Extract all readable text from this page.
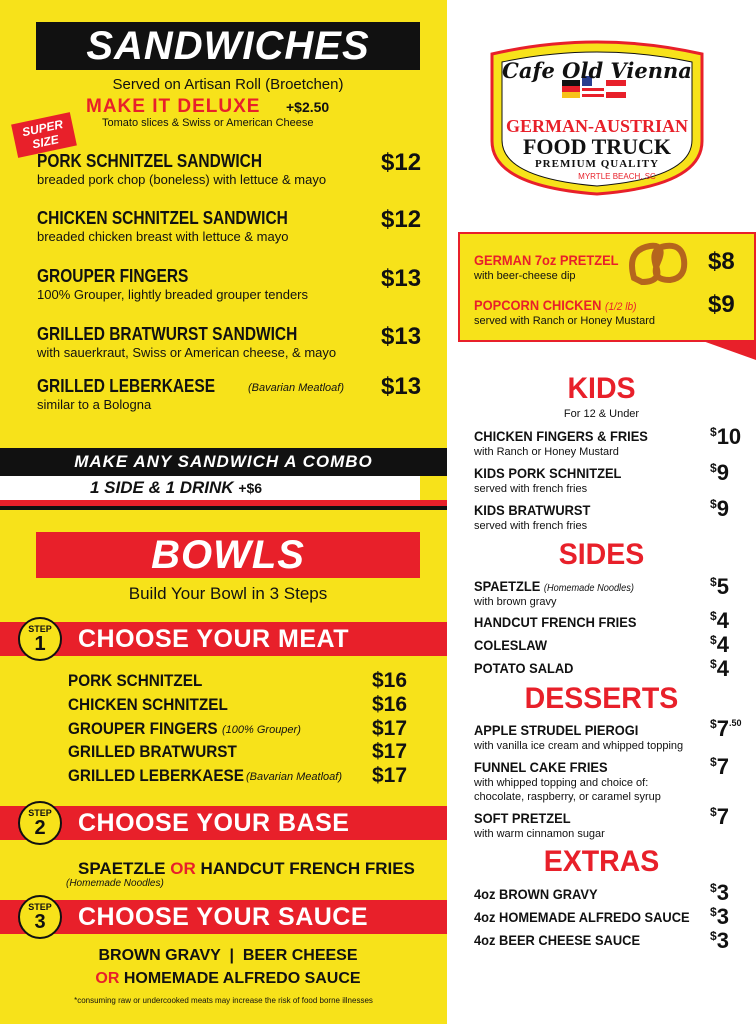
SANDWICHES
Served on Artisan Roll (Broetchen)
MAKE IT DELUXE +$2.50
Tomato slices & Swiss or American Cheese
SUPER SIZE
PORK SCHNITZEL SANDWICH
breaded pork chop (boneless) with lettuce & mayo
$12
CHICKEN SCHNITZEL SANDWICH
breaded chicken breast with lettuce & mayo
$12
GROUPER FINGERS
100% Grouper, lightly breaded grouper tenders
$13
GRILLED BRATWURST SANDWICH
with sauerkraut, Swiss or American cheese, & mayo
$13
GRILLED LEBERKAESE	(Bavarian Meatloaf)
similar to a Bologna
$13
MAKE ANY SANDWICH A COMBO
1 SIDE & 1 DRINK +$6
BOWLS
Build Your Bowl in 3 Steps
CHOOSE YOUR MEAT
STEP
1
PORK SCHNITZEL	$16
CHICKEN SCHNITZEL	$16
GROUPER FINGERS (100% Grouper)	$17
GRILLED BRATWURST	$17
GRILLED LEBERKAESE (Bavarian Meatloaf) $17
CHOOSE YOUR BASE
STEP
2
SPAETZLE OR HANDCUT FRENCH FRIES
(Homemade Noodles)
CHOOSE YOUR SAUCE
STEP
3
BROWN GRAVY  |  BEER CHEESE
OR HOMEMADE ALFREDO SAUCE
*consuming raw or undercooked meats may increase the risk of food borne illnesses
Cafe Old Vienna
GERMAN-AUSTRIAN
FOOD TRUCK
PREMIUM QUALITY
MYRTLE BEACH, SC
GERMAN 7oz PRETZEL
with beer-cheese dip
$8
POPCORN CHICKEN (1/2 lb)
served with Ranch or Honey Mustard
$9
KIDS
For 12 & Under
CHICKEN FINGERS & FRIES
with Ranch or Honey Mustard
$10
KIDS PORK SCHNITZEL
served with french fries
$9
KIDS BRATWURST
served with french fries
$9
SIDES
SPAETZLE (Homemade Noodles)
with brown gravy
$5
HANDCUT FRENCH FRIES	$4
COLESLAW	$4
POTATO SALAD	$4
DESSERTS
APPLE STRUDEL PIEROGI
with vanilla ice cream and whipped topping
$^{\$}7^{.50}$
FUNNEL CAKE FRIES
with whipped topping and choice of:
chocolate, raspberry, or caramel syrup
$7
SOFT PRETZEL
with warm cinnamon sugar
$7
EXTRAS
4oz BROWN GRAVY	$3
4oz HOMEMADE ALFREDO SAUCE $3
4oz BEER CHEESE SAUCE	$3
